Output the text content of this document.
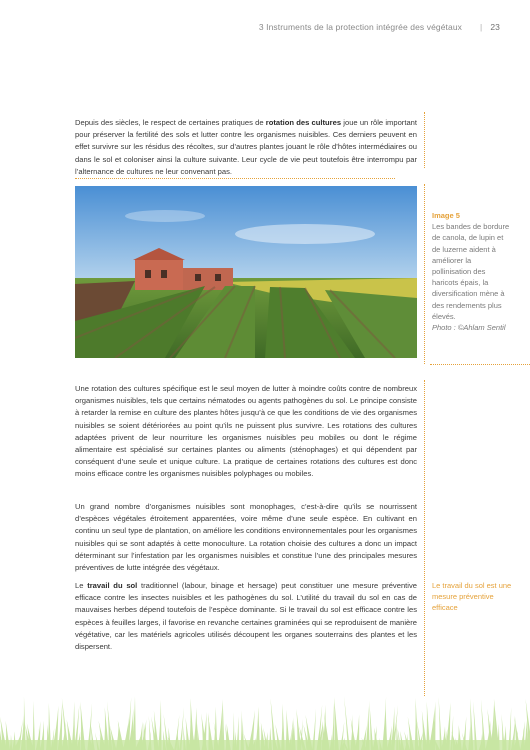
3 Instruments de la protection intégrée des végétaux | 23

Depuis des siècles, le respect de certaines pratiques de rotation des cultures joue un rôle important pour préserver la fertilité des sols et lutter contre les organismes nuisibles. Ces derniers peuvent en effet survivre sur les résidus des récoltes, sur d’autres plantes jouant le rôle d’hôtes intermédiaires ou dans le sol et coloniser ainsi la culture suivante. Leur cycle de vie peut toutefois être interrompu par l’alternance de cultures ne leur convenant pas.

Image 5
Les bandes de bordure de canola, de lupin et de luzerne aident à améliorer la pollinisation des haricots épais, la diversification mène à des rendements plus élevés.
Photo : ©Ahlam Sentil

Une rotation des cultures spécifique est le seul moyen de lutter à moindre coûts contre de nombreux organismes nuisibles, tels que certains nématodes ou agents pathogènes du sol. Le principe consiste à retarder la remise en culture des plantes hôtes jusqu’à ce que les conditions de vie des organismes nuisibles se soient détériorées au point qu’ils ne puissent plus survivre. Les rotations des cultures adaptées privent de leur nourriture les organismes nuisibles peu mobiles ou dont le régime alimentaire est spécialisé sur certaines plantes ou aliments (sténophages) et qui dépendent par conséquent d’une seule et unique culture. La pratique de certaines rotations des cultures est donc moins efficace contre les organismes nuisibles polyphages ou mobiles.

Un grand nombre d’organismes nuisibles sont monophages, c’est-à-dire qu’ils se nourrissent d’espèces végétales étroitement apparentées, voire même d’une seule espèce. En cultivant en continu un seul type de plantation, on améliore les conditions environnementales pour les organismes nuisibles qui se sont adaptés à cette monoculture. La rotation choisie des cultures a donc un impact déterminant sur l’infestation par les organismes nuisibles et constitue l’une des principales mesures préventives de lutte intégrée des végétaux.

Le travail du sol traditionnel (labour, binage et hersage) peut constituer une mesure préventive efficace contre les insectes nuisibles et les pathogènes du sol. L’utilité du travail du sol en cas de mauvaises herbes dépend toutefois de l’espèce dominante. Si le travail du sol est efficace contre les espèces à feuilles larges, il favorise en revanche certaines graminées qui se reproduisent de manière végétative, car les matériels agricoles utilisés découpent les organes souterrains des plantes et les dispersent.

Le travail du sol est une mesure préventive efficace
